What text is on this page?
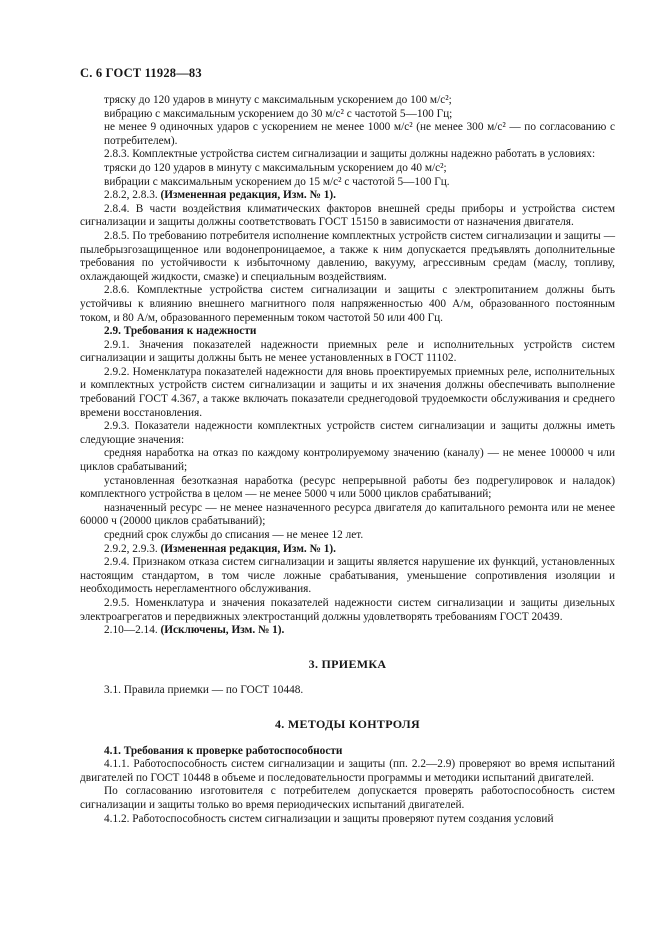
С. 6 ГОСТ 11928—83

тряску до 120 ударов в минуту с максимальным ускорением до 100 м/с²;

вибрацию с максимальным ускорением до 30 м/с² с частотой 5—100 Гц;

не менее 9 одиночных ударов с ускорением не менее 1000 м/с² (не менее 300 м/с² — по согласованию с потребителем).

2.8.3. Комплектные устройства систем сигнализации и защиты должны надежно работать в условиях:

тряски до 120 ударов в минуту с максимальным ускорением до 40 м/с²;

вибрации с максимальным ускорением до 15 м/с² с частотой 5—100 Гц.

2.8.2, 2.8.3. (Измененная редакция, Изм. № 1).

2.8.4. В части воздействия климатических факторов внешней среды приборы и устройства систем сигнализации и защиты должны соответствовать ГОСТ 15150 в зависимости от назначения двигателя.

2.8.5. По требованию потребителя исполнение комплектных устройств систем сигнализации и защиты — пылебрызгозащищенное или водонепроницаемое, а также к ним допускается предъявлять дополнительные требования по устойчивости к избыточному давлению, вакууму, агрессивным средам (маслу, топливу, охлаждающей жидкости, смазке) и специальным воздействиям.

2.8.6. Комплектные устройства систем сигнализации и защиты с электропитанием должны быть устойчивы к влиянию внешнего магнитного поля напряженностью 400 А/м, образованного постоянным током, и 80 А/м, образованного переменным током частотой 50 или 400 Гц.

2.9. Требования к надежности

2.9.1. Значения показателей надежности приемных реле и исполнительных устройств систем сигнализации и защиты должны быть не менее установленных в ГОСТ 11102.

2.9.2. Номенклатура показателей надежности для вновь проектируемых приемных реле, исполнительных и комплектных устройств систем сигнализации и защиты и их значения должны обеспечивать выполнение требований ГОСТ 4.367, а также включать показатели среднегодовой трудоемкости обслуживания и среднего времени восстановления.

2.9.3. Показатели надежности комплектных устройств систем сигнализации и защиты должны иметь следующие значения:

средняя наработка на отказ по каждому контролируемому значению (каналу) — не менее 100000 ч или циклов срабатываний;

установленная безотказная наработка (ресурс непрерывной работы без подрегулировок и наладок) комплектного устройства в целом — не менее 5000 ч или 5000 циклов срабатываний;

назначенный ресурс — не менее назначенного ресурса двигателя до капитального ремонта или не менее 60000 ч (20000 циклов срабатываний);

средний срок службы до списания — не менее 12 лет.

2.9.2, 2.9.3. (Измененная редакция, Изм. № 1).

2.9.4. Признаком отказа систем сигнализации и защиты является нарушение их функций, установленных настоящим стандартом, в том числе ложные срабатывания, уменьшение сопротивления изоляции и необходимость нерегламентного обслуживания.

2.9.5. Номенклатура и значения показателей надежности систем сигнализации и защиты дизельных электроагрегатов и передвижных электростанций должны удовлетворять требованиям ГОСТ 20439.

2.10—2.14. (Исключены, Изм. № 1).

3. ПРИЕМКА

3.1. Правила приемки — по ГОСТ 10448.

4. МЕТОДЫ КОНТРОЛЯ

4.1. Требования к проверке работоспособности

4.1.1. Работоспособность систем сигнализации и защиты (пп. 2.2—2.9) проверяют во время испытаний двигателей по ГОСТ 10448 в объеме и последовательности программы и методики испытаний двигателей.

По согласованию изготовителя с потребителем допускается проверять работоспособность систем сигнализации и защиты только во время периодических испытаний двигателей.

4.1.2. Работоспособность систем сигнализации и защиты проверяют путем создания условий
